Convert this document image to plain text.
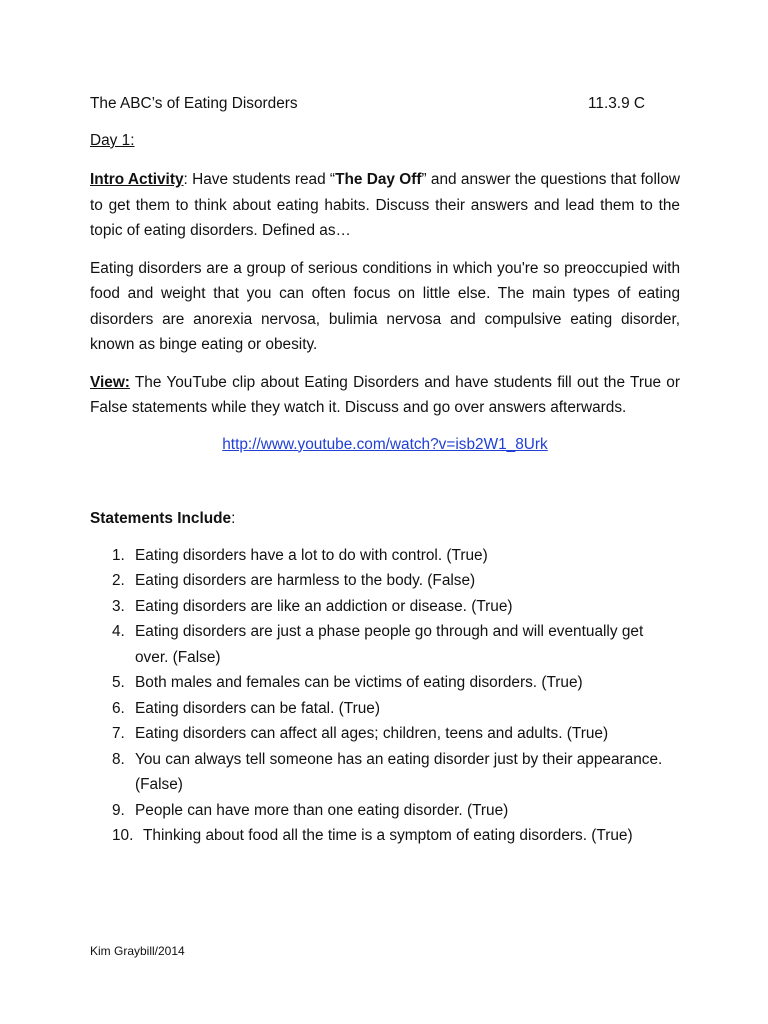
The ABC’s of Eating Disorders	11.3.9 C
Day 1:

Intro Activity: Have students read “The Day Off” and answer the questions that follow to get them to think about eating habits. Discuss their answers and lead them to the topic of eating disorders. Defined as…

Eating disorders are a group of serious conditions in which you're so preoccupied with food and weight that you can often focus on little else. The main types of eating disorders are anorexia nervosa, bulimia nervosa and compulsive eating disorder, known as binge eating or obesity.

View: The YouTube clip about Eating Disorders and have students fill out the True or False statements while they watch it. Discuss and go over answers afterwards.

http://www.youtube.com/watch?v=isb2W1_8Urk
Statements Include:
1. Eating disorders have a lot to do with control. (True)
2. Eating disorders are harmless to the body. (False)
3. Eating disorders are like an addiction or disease. (True)
4. Eating disorders are just a phase people go through and will eventually get over. (False)
5. Both males and females can be victims of eating disorders. (True)
6. Eating disorders can be fatal. (True)
7. Eating disorders can affect all ages; children, teens and adults. (True)
8. You can always tell someone has an eating disorder just by their appearance. (False)
9. People can have more than one eating disorder. (True)
10. Thinking about food all the time is a symptom of eating disorders. (True)
Kim Graybill/2014
